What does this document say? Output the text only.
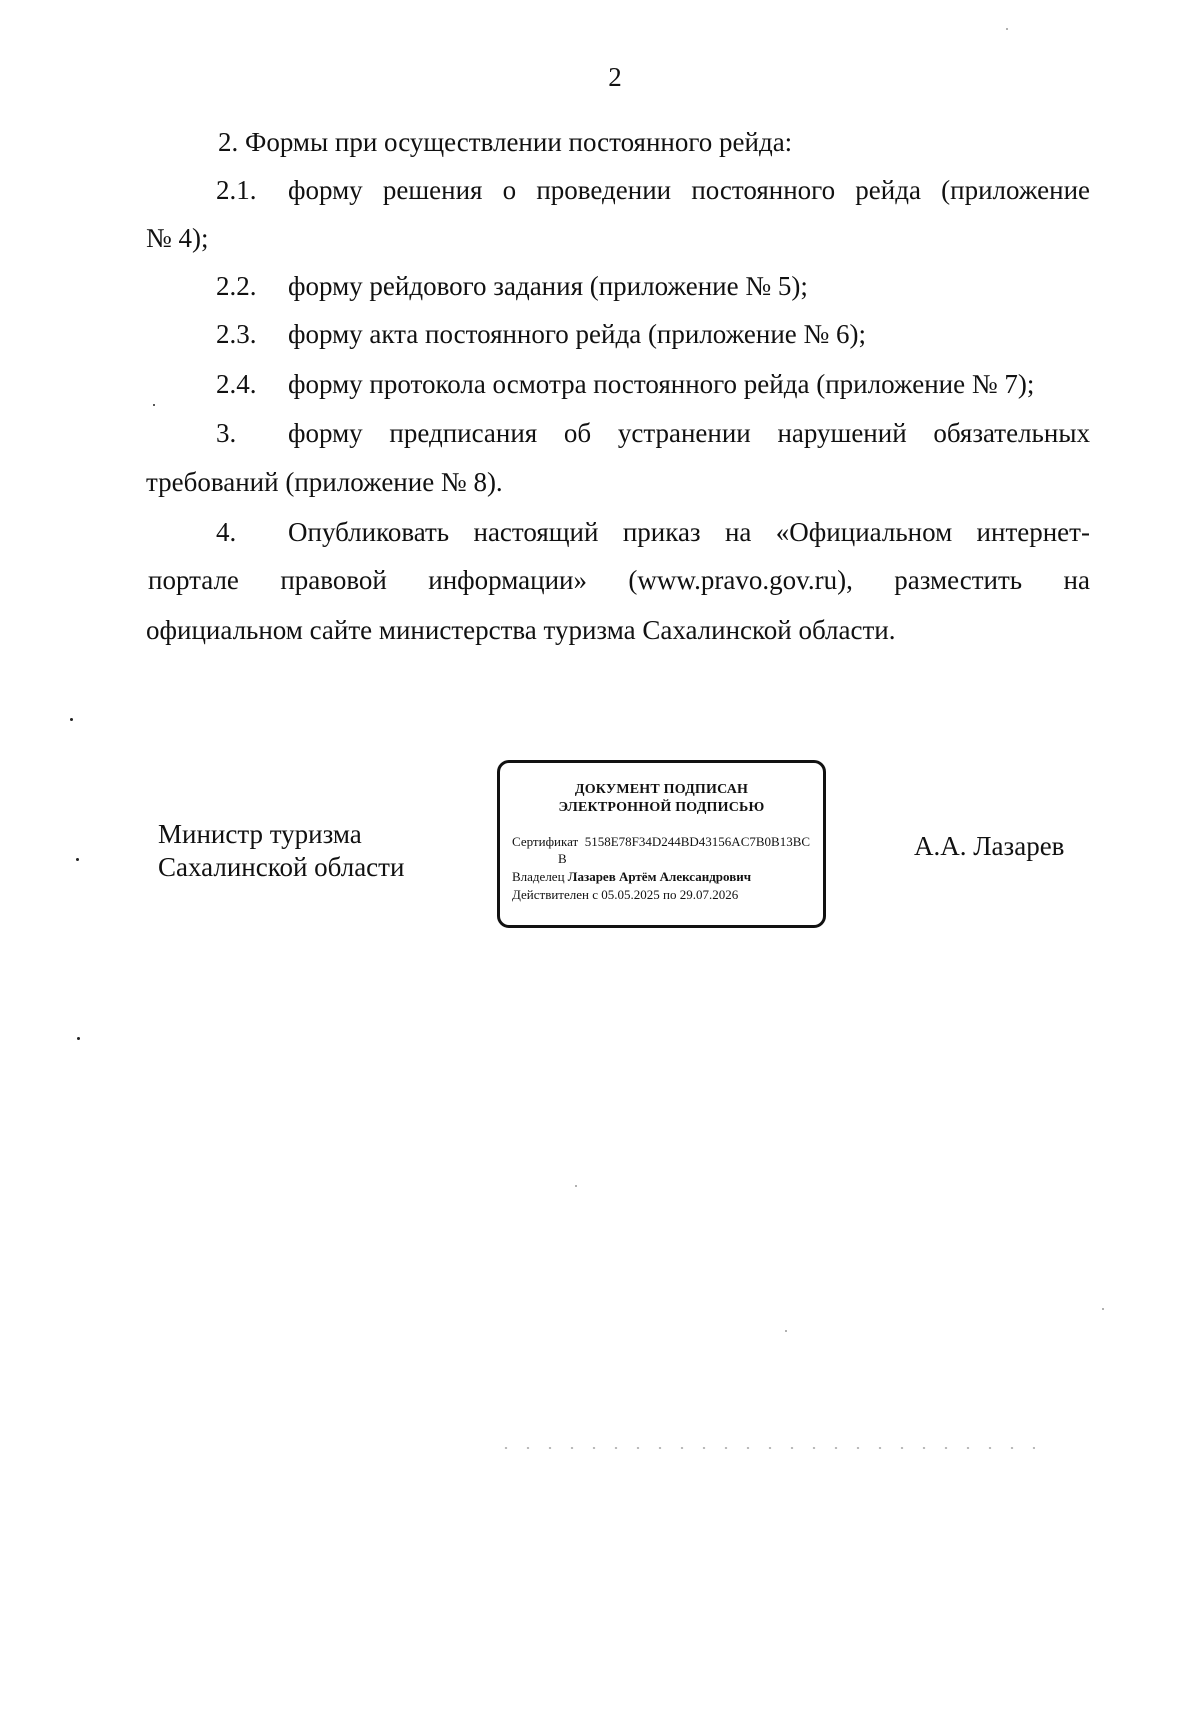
2
2. Формы при осуществлении постоянного рейда:
2.1. форму решения о проведении постоянного рейда (приложение
№ 4);
2.2. форму рейдового задания (приложение № 5);
2.3. форму акта постоянного рейда (приложение № 6);
2.4. форму протокола осмотра постоянного рейда (приложение № 7);
3. форму предписания об устранении нарушений обязательных
требований (приложение № 8).
4. Опубликовать настоящий приказ на «Официальном интернет-
портале правовой информации» (www.pravo.gov.ru), разместить на
официальном сайте министерства туризма Сахалинской области.
Министр туризма
Сахалинской области
ДОКУМЕНТ ПОДПИСАН
ЭЛЕКТРОННОЙ ПОДПИСЬЮ
Сертификат 5158E78F34D244BD43156AC7B0B13BC
B
Владелец Лазарев Артём Александрович
Действителен с 05.05.2025 по 29.07.2026
А.А. Лазарев
